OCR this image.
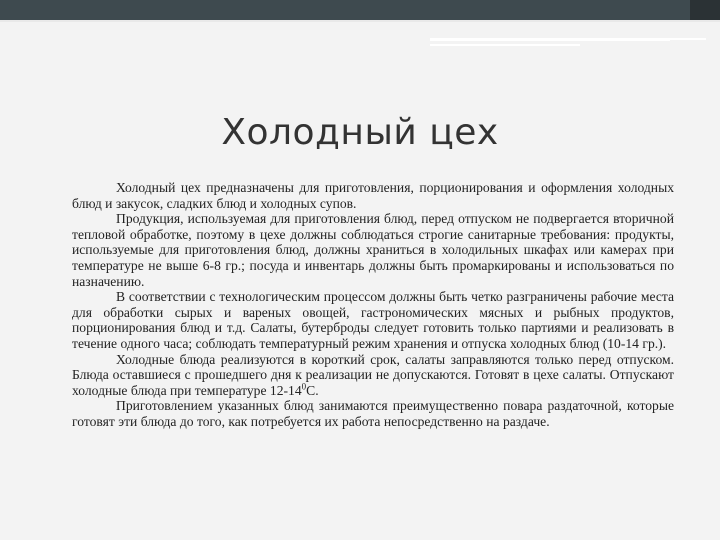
Холодный цех

Холодный цех предназначены для приготовления, порционирования и оформления холодных блюд и закусок, сладких блюд и холодных супов.

Продукция, используемая для приготовления блюд, перед отпуском не подвергается вторичной тепловой обработке, поэтому в цехе должны соблюдаться строгие санитарные требования: продукты, используемые для приготовления блюд, должны храниться в холодильных шкафах или камерах при температуре не выше 6-8 гр.; посуда и инвентарь должны быть промаркированы и использоваться по назначению.

В соответствии с технологическим процессом должны быть четко разграничены рабочие места для обработки сырых и вареных овощей, гастрономических мясных и рыбных продуктов, порционирования блюд и т.д. Салаты, бутерброды следует готовить только партиями и реализовать в течение одного часа; соблюдать температурный режим хранения и отпуска холодных блюд (10-14 гр.).

Холодные блюда реализуются в короткий срок, салаты заправляются только перед отпуском. Блюда оставшиеся с прошедшего дня к реализации не допускаются. Готовят в цехе салаты. Отпускают холодные блюда при температуре $12-14^0С$.

Приготовлением указанных блюд занимаются преимущественно повара раздаточной, которые готовят эти блюда до того, как потребуется их работа непосредственно на раздаче.
